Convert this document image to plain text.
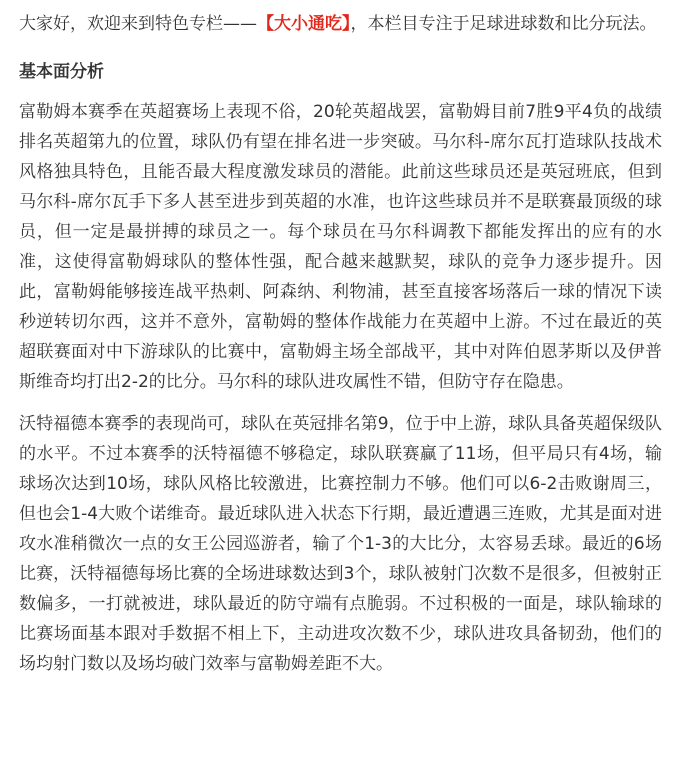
大家好，欢迎来到特色专栏——【大小通吃】，本栏目专注于足球进球数和比分玩法。

基本面分析

富勒姆本赛季在英超赛场上表现不俗，20轮英超战罢，富勒姆目前7胜9平4负的战绩排名英超第九的位置，球队仍有望在排名进一步突破。马尔科-席尔瓦打造球队技战术风格独具特色，且能否最大程度激发球员的潜能。此前这些球员还是英冠班底，但到马尔科-席尔瓦手下多人甚至进步到英超的水准，也许这些球员并不是联赛最顶级的球员，但一定是最拼搏的球员之一。每个球员在马尔科调教下都能发挥出的应有的水准，这使得富勒姆球队的整体性强，配合越来越默契，球队的竞争力逐步提升。因此，富勒姆能够接连战平热刺、阿森纳、利物浦，甚至直接客场落后一球的情况下读秒逆转切尔西，这并不意外，富勒姆的整体作战能力在英超中上游。不过在最近的英超联赛面对中下游球队的比赛中，富勒姆主场全部战平，其中对阵伯恩茅斯以及伊普斯维奇均打出2-2的比分。马尔科的球队进攻属性不错，但防守存在隐患。

沃特福德本赛季的表现尚可，球队在英冠排名第9，位于中上游，球队具备英超保级队的水平。不过本赛季的沃特福德不够稳定，球队联赛赢了11场，但平局只有4场，输球场次达到10场，球队风格比较激进，比赛控制力不够。他们可以6-2击败谢周三，但也会1-4大败个诺维奇。最近球队进入状态下行期，最近遭遇三连败，尤其是面对进攻水准稍微次一点的女王公园巡游者，输了个1-3的大比分，太容易丢球。最近的6场比赛，沃特福德每场比赛的全场进球数达到3个，球队被射门次数不是很多，但被射正数偏多，一打就被进，球队最近的防守端有点脆弱。不过积极的一面是，球队输球的比赛场面基本跟对手数据不相上下，主动进攻次数不少，球队进攻具备韧劲，他们的场均射门数以及场均破门效率与富勒姆差距不大。
